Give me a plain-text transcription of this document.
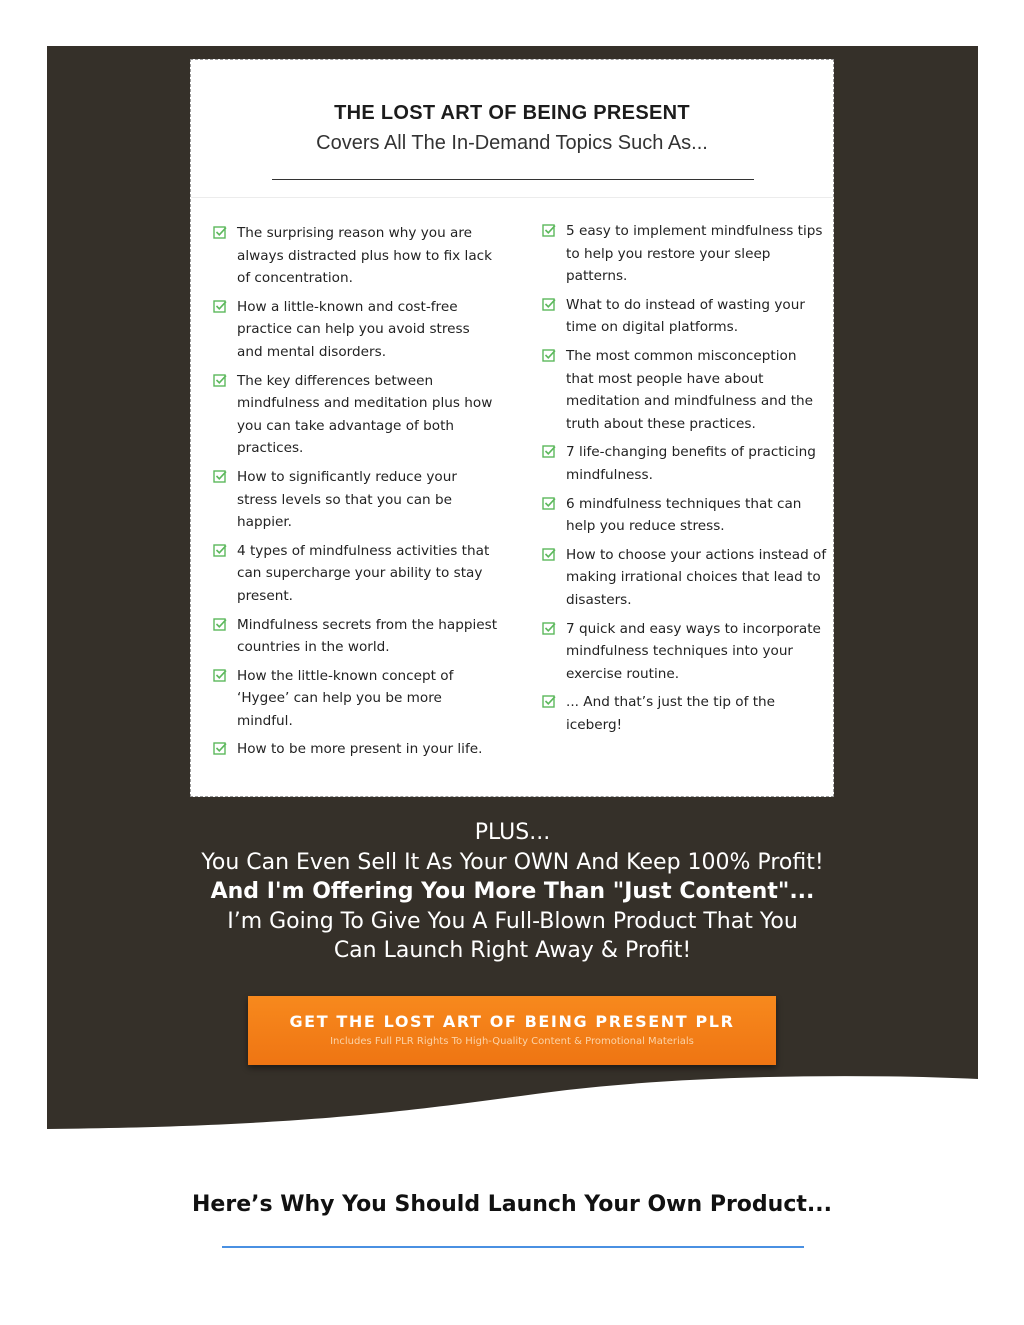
THE LOST ART OF BEING PRESENT
Covers All The In-Demand Topics Such As...
The surprising reason why you are always distracted plus how to fix lack of concentration.
How a little-known and cost-free practice can help you avoid stress and mental disorders.
The key differences between mindfulness and meditation plus how you can take advantage of both practices.
How to significantly reduce your stress levels so that you can be happier.
4 types of mindfulness activities that can supercharge your ability to stay present.
Mindfulness secrets from the happiest countries in the world.
How the little-known concept of ‘Hygee’ can help you be more mindful.
How to be more present in your life.
5 easy to implement mindfulness tips to help you restore your sleep patterns.
What to do instead of wasting your time on digital platforms.
The most common misconception that most people have about meditation and mindfulness and the truth about these practices.
7 life-changing benefits of practicing mindfulness.
6 mindfulness techniques that can help you reduce stress.
How to choose your actions instead of making irrational choices that lead to disasters.
7 quick and easy ways to incorporate mindfulness techniques into your exercise routine.
... And that’s just the tip of the iceberg!
PLUS...
You Can Even Sell It As Your OWN And Keep 100% Profit!
And I'm Offering You More Than "Just Content"...
I’m Going To Give You A Full-Blown Product That You
Can Launch Right Away & Profit!
GET THE LOST ART OF BEING PRESENT PLR
Includes Full PLR Rights To High-Quality Content & Promotional Materials
Here’s Why You Should Launch Your Own Product...
